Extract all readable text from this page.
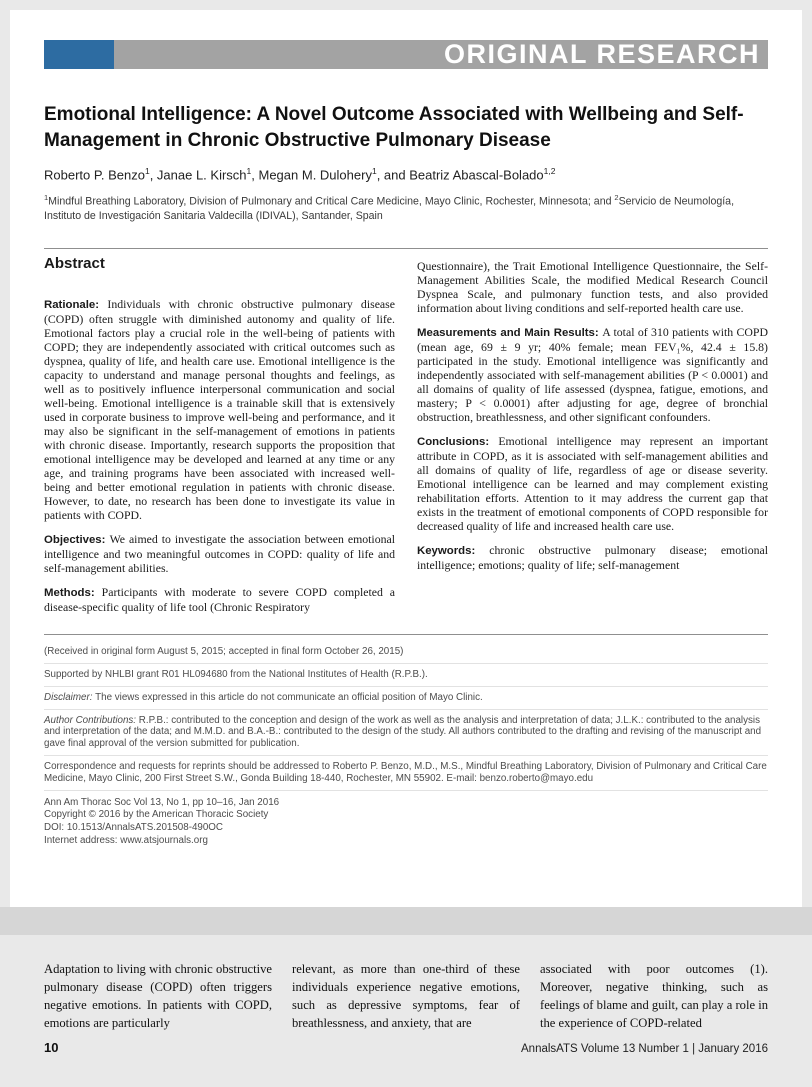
ORIGINAL RESEARCH
Emotional Intelligence: A Novel Outcome Associated with Wellbeing and Self-Management in Chronic Obstructive Pulmonary Disease

Roberto P. Benzo$^1$, Janae L. Kirsch$^1$, Megan M. Dulohery$^1$, and Beatriz Abascal-Bolado$^{1,2}$

$^1$Mindful Breathing Laboratory, Division of Pulmonary and Critical Care Medicine, Mayo Clinic, Rochester, Minnesota; and $^2$Servicio de Neumología, Instituto de Investigación Sanitaria Valdecilla (IDIVAL), Santander, Spain

Abstract

Rationale: Individuals with chronic obstructive pulmonary disease (COPD) often struggle with diminished autonomy and quality of life. Emotional factors play a crucial role in the well-being of patients with COPD; they are independently associated with critical outcomes such as dyspnea, quality of life, and health care use. Emotional intelligence is the capacity to understand and manage personal thoughts and feelings, as well as to positively influence interpersonal communication and social well-being. Emotional intelligence is a trainable skill that is extensively used in corporate business to improve well-being and performance, and it may also be significant in the self-management of emotions in patients with chronic disease. Importantly, research supports the proposition that emotional intelligence may be developed and learned at any time or any age, and training programs have been associated with increased well-being and better emotional regulation in patients with chronic disease. However, to date, no research has been done to investigate its value in patients with COPD.

Objectives: We aimed to investigate the association between emotional intelligence and two meaningful outcomes in COPD: quality of life and self-management abilities.

Methods: Participants with moderate to severe COPD completed a disease-specific quality of life tool (Chronic Respiratory

Questionnaire), the Trait Emotional Intelligence Questionnaire, the Self-Management Abilities Scale, the modified Medical Research Council Dyspnea Scale, and pulmonary function tests, and also provided information about living conditions and self-reported health care use.

Measurements and Main Results: A total of 310 patients with COPD (mean age, 69 ± 9 yr; 40% female; mean FEV₁%, 42.4 ± 15.8) participated in the study. Emotional intelligence was significantly and independently associated with self-management abilities (P < 0.0001) and all domains of quality of life assessed (dyspnea, fatigue, emotions, and mastery; P < 0.0001) after adjusting for age, degree of bronchial obstruction, breathlessness, and other significant confounders.

Conclusions: Emotional intelligence may represent an important attribute in COPD, as it is associated with self-management abilities and all domains of quality of life, regardless of age or disease severity. Emotional intelligence can be learned and may complement existing rehabilitation efforts. Attention to it may address the current gap that exists in the treatment of emotional components of COPD responsible for decreased quality of life and increased health care use.

Keywords: chronic obstructive pulmonary disease; emotional intelligence; emotions; quality of life; self-management

(Received in original form August 5, 2015; accepted in final form October 26, 2015)

Supported by NHLBI grant R01 HL094680 from the National Institutes of Health (R.P.B.).

Disclaimer: The views expressed in this article do not communicate an official position of Mayo Clinic.

Author Contributions: R.P.B.: contributed to the conception and design of the work as well as the analysis and interpretation of data; J.L.K.: contributed to the analysis and interpretation of the data; and M.M.D. and B.A.-B.: contributed to the design of the study. All authors contributed to the drafting and revising of the manuscript and gave final approval of the version submitted for publication.

Correspondence and requests for reprints should be addressed to Roberto P. Benzo, M.D., M.S., Mindful Breathing Laboratory, Division of Pulmonary and Critical Care Medicine, Mayo Clinic, 200 First Street S.W., Gonda Building 18-440, Rochester, MN 55902. E-mail: benzo.roberto@mayo.edu

Ann Am Thorac Soc Vol 13, No 1, pp 10–16, Jan 2016

Copyright © 2016 by the American Thoracic Society

DOI: 10.1513/AnnalsATS.201508-490OC

Internet address: www.atsjournals.org

Adaptation to living with chronic obstructive pulmonary disease (COPD) often triggers negative emotions. In patients with COPD, emotions are particularly

relevant, as more than one-third of these individuals experience negative emotions, such as depressive symptoms, fear of breathlessness, and anxiety, that are

associated with poor outcomes (1). Moreover, negative thinking, such as feelings of blame and guilt, can play a role in the experience of COPD-related

10	AnnalsATS Volume 13 Number 1 | January 2016
